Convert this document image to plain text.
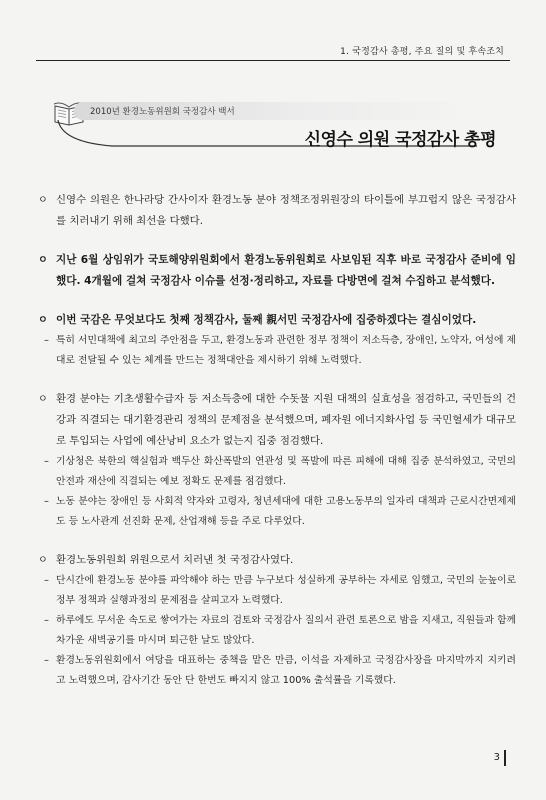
1. 국정감사 총평, 주요 질의 및 후속조치
2010년 환경노동위원회 국정감사 백서
신영수 의원 국정감사 총평
ㅇ 신영수 의원은 한나라당 간사이자 환경노동 분야 정책조정위원장의 타이틀에 부끄럽지 않은 국정감사를 치러내기 위해 최선을 다했다.
ㅇ 지난 6월 상임위가 국토해양위원회에서 환경노동위원회로 사보임된 직후 바로 국정감사 준비에 임했다. 4개월에 걸쳐 국정감사 이슈를 선정·정리하고, 자료를 다방면에 걸쳐 수집하고 분석했다.
ㅇ 이번 국감은 무엇보다도 첫째 정책감사, 둘째 親서민 국정감사에 집중하겠다는 결심이었다.
– 특히 서민대책에 최고의 주안점을 두고, 환경노동과 관련한 정부 정책이 저소득층, 장애인, 노약자, 여성에 제대로 전달될 수 있는 체계를 만드는 정책대안을 제시하기 위해 노력했다.
ㅇ 환경 분야는 기초생활수급자 등 저소득층에 대한 수돗물 지원 대책의 실효성을 점검하고, 국민들의 건강과 직결되는 대기환경관리 정책의 문제점을 분석했으며, 폐자원 에너지화사업 등 국민혈세가 대규모로 투입되는 사업에 예산낭비 요소가 없는지 집중 점검했다.
– 기상청은 북한의 핵실험과 백두산 화산폭발의 연관성 및 폭발에 따른 피해에 대해 집중 분석하였고, 국민의 안전과 재산에 직결되는 예보 정확도 문제를 점검했다.
– 노동 분야는 장애인 등 사회적 약자와 고령자, 청년세대에 대한 고용노동부의 일자리 대책과 근로시간면제제도 등 노사관계 선진화 문제, 산업재해 등을 주로 다루었다.
ㅇ 환경노동위원회 위원으로서 치러낸 첫 국정감사였다.
– 단시간에 환경노동 분야를 파악해야 하는 만큼 누구보다 성실하게 공부하는 자세로 임했고, 국민의 눈높이로 정부 정책과 실행과정의 문제점을 살피고자 노력했다.
– 하루에도 무서운 속도로 쌓여가는 자료의 검토와 국정감사 질의서 관련 토론으로 밤을 지새고, 직원들과 함께 차가운 새벽공기를 마시며 퇴근한 날도 많았다.
– 환경노동위원회에서 여당을 대표하는 중책을 맡은 만큼, 이석을 자제하고 국정감사장을 마지막까지 지키려고 노력했으며, 감사기간 동안 단 한번도 빠지지 않고 100% 출석률을 기록했다.
3
